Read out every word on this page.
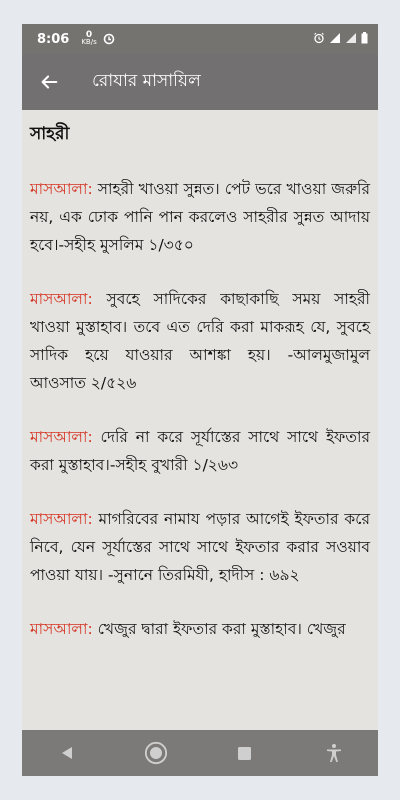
8:06	0
KB/s
রোযার মাসায়িল
সাহরী

মাসআলা: সাহরী খাওয়া সুন্নত। পেট ভরে খাওয়া জরুরি নয়, এক ঢোক পানি পান করলেও সাহরীর সুন্নত আদায় হবে।-সহীহ মুসলিম ১/৩৫০

মাসআলা: সুবহে সাদিকের কাছাকাছি সময় সাহরী খাওয়া মুস্তাহাব। তবে এত দেরি করা মাকরূহ যে, সুবহে সাদিক হয়ে যাওয়ার আশঙ্কা হয়। -আলমুজামুল আওসাত ২/৫২৬

মাসআলা: দেরি না করে সূর্যাস্তের সাথে সাথে ইফতার করা মুস্তাহাব।-সহীহ বুখারী ১/২৬৩

মাসআলা: মাগরিবের নামায পড়ার আগেই ইফতার করে নিবে, যেন সূর্যাস্তের সাথে সাথে ইফতার করার সওয়াব পাওয়া যায়। -সুনানে তিরমিযী, হাদীস : ৬৯২

মাসআলা: খেজুর দ্বারা ইফতার করা মুস্তাহাব। খেজুর
